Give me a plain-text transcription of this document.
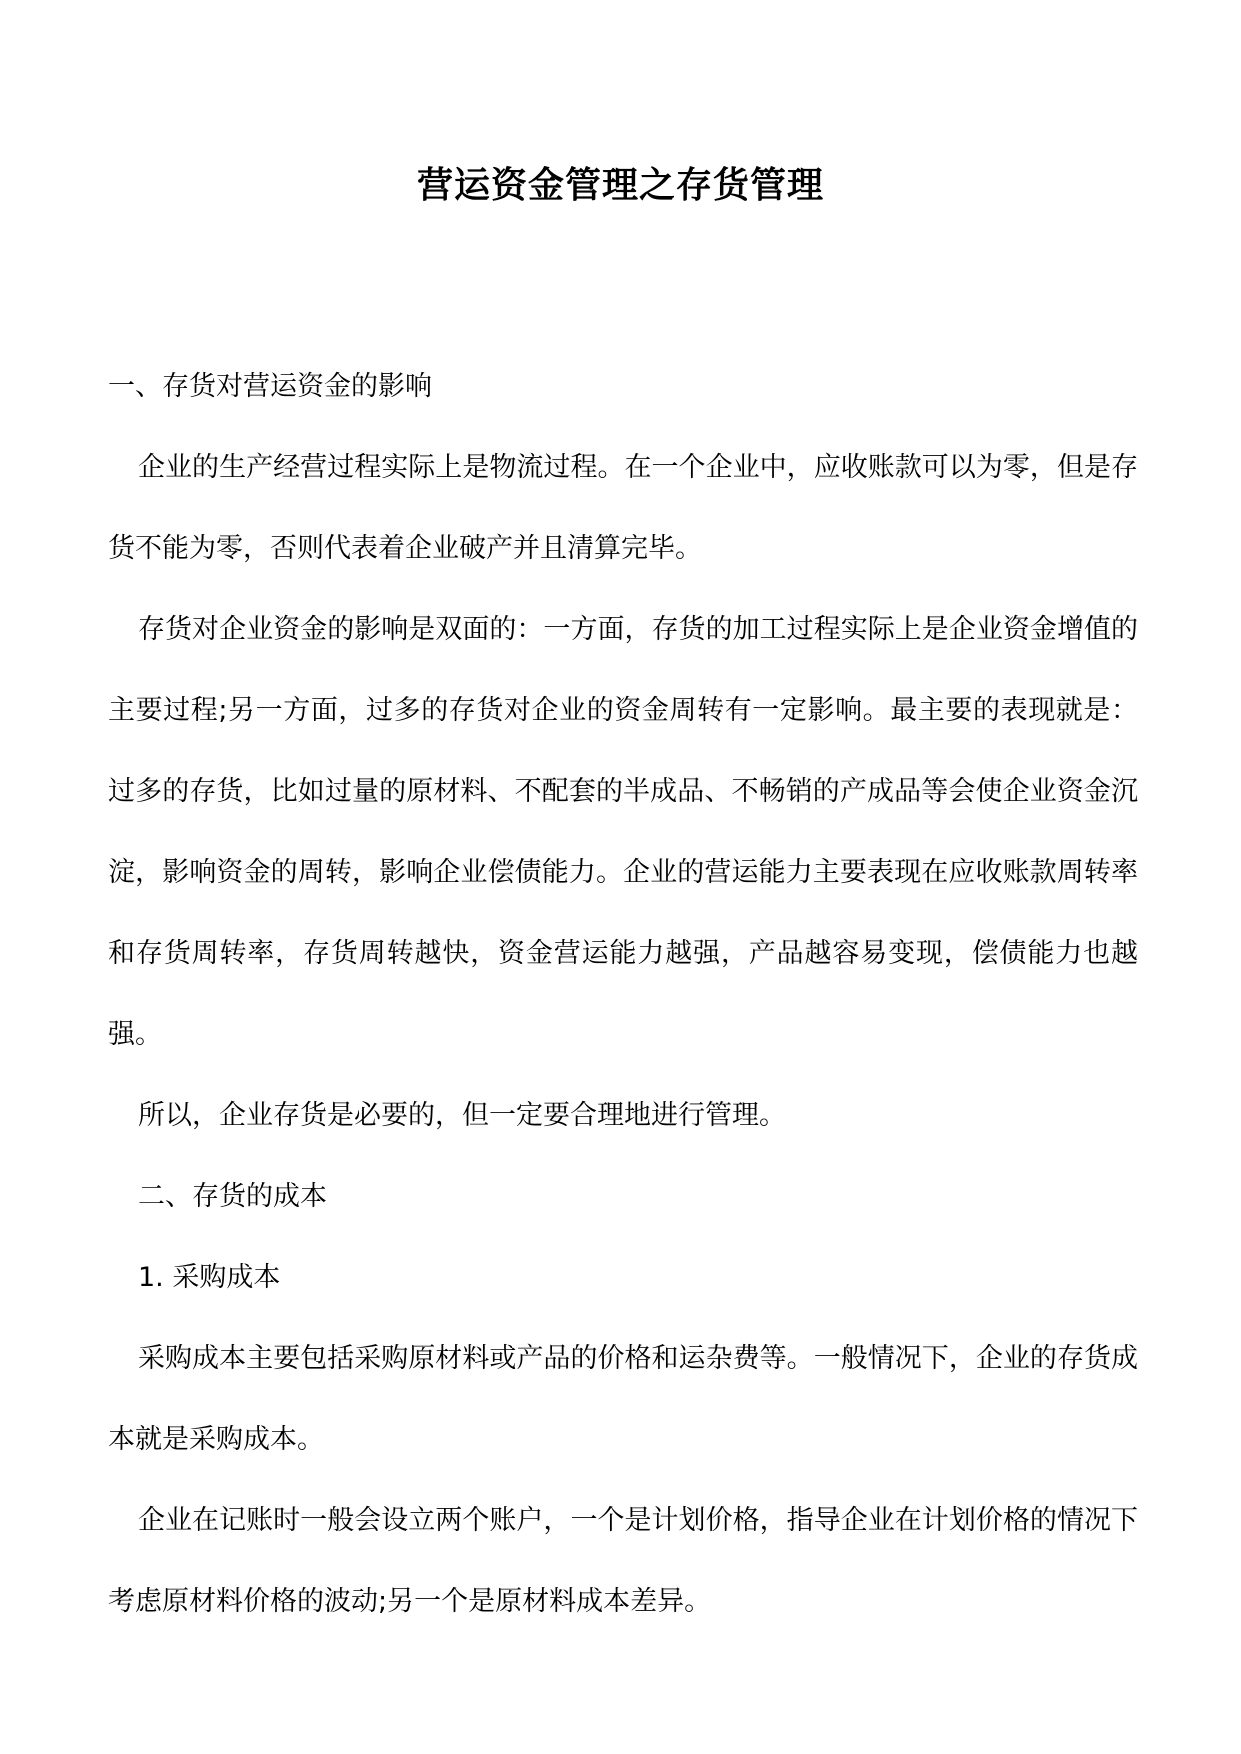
营运资金管理之存货管理

一、存货对营运资金的影响

企业的生产经营过程实际上是物流过程。在一个企业中，应收账款可以为零，但是存货不能为零，否则代表着企业破产并且清算完毕。

存货对企业资金的影响是双面的：一方面，存货的加工过程实际上是企业资金增值的主要过程;另一方面，过多的存货对企业的资金周转有一定影响。最主要的表现就是：过多的存货，比如过量的原材料、不配套的半成品、不畅销的产成品等会使企业资金沉淀，影响资金的周转，影响企业偿债能力。企业的营运能力主要表现在应收账款周转率和存货周转率，存货周转越快，资金营运能力越强，产品越容易变现，偿债能力也越强。

所以，企业存货是必要的，但一定要合理地进行管理。

二、存货的成本

1. 采购成本

采购成本主要包括采购原材料或产品的价格和运杂费等。一般情况下，企业的存货成本就是采购成本。

企业在记账时一般会设立两个账户，一个是计划价格，指导企业在计划价格的情况下考虑原材料价格的波动;另一个是原材料成本差异。
